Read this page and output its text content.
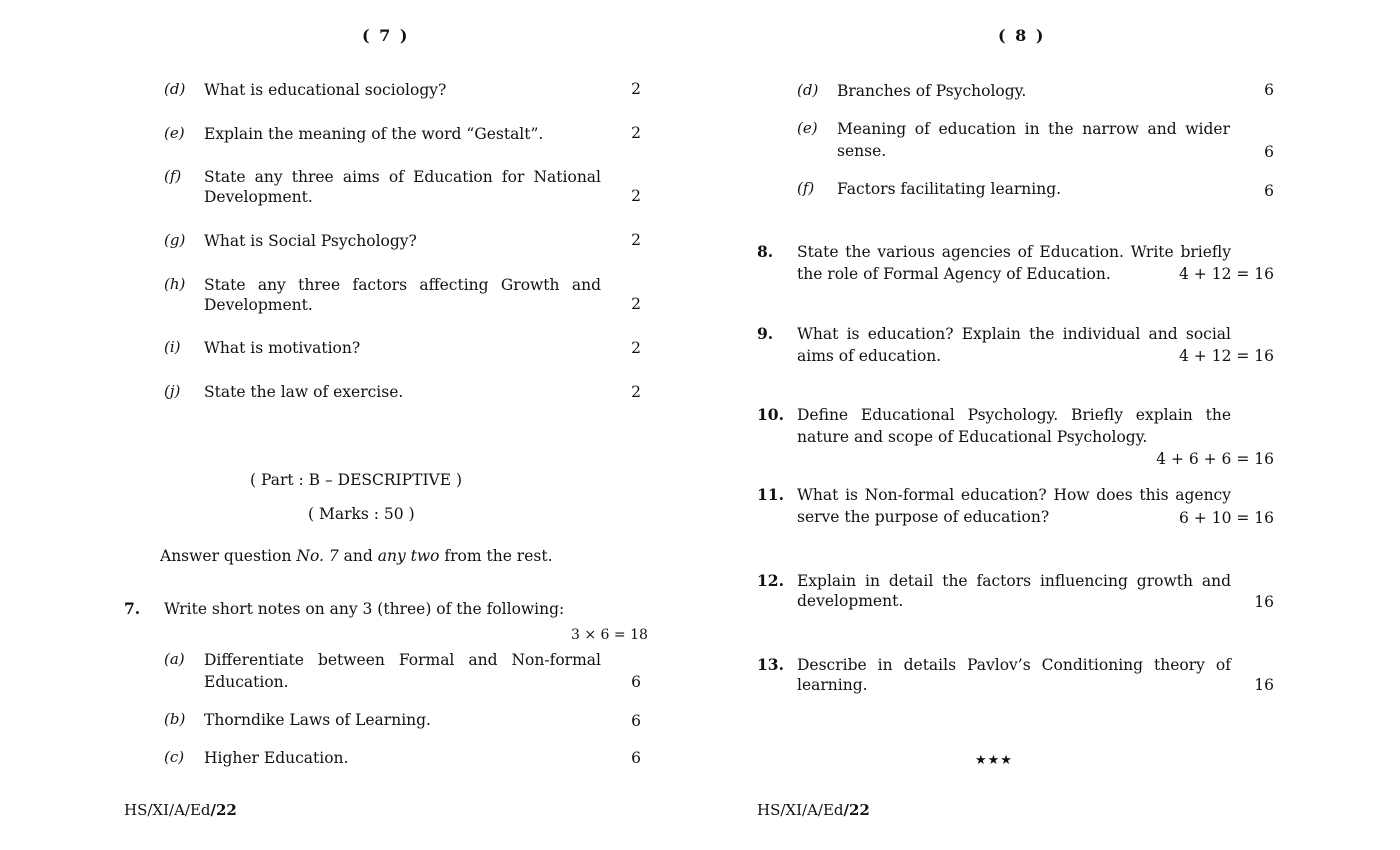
( 7 )
(d) What is educational sociology?	2
(e) Explain the meaning of the word “Gestalt”.	2
(f) State any three aims of Education for National
Development.	2
(g) What is Social Psychology?	2
(h) State any three factors affecting Growth and
Development.	2
(i) What is motivation?	2
(j) State the law of exercise.	2
( Part : B – DESCRIPTIVE )
( Marks : 50 )
Answer question No. 7 and any two from the rest.
7. Write short notes on any 3 (three) of the following:
3 × 6 = 18
(a) Differentiate between Formal and Non-formal
Education.	6
(b) Thorndike Laws of Learning.	6
(c) Higher Education.	6
HS/XI/A/Ed/22
( 8 )
(d) Branches of Psychology.	6
(e) Meaning of education in the narrow and wider
sense.	6
(f) Factors facilitating learning.	6
8. State the various agencies of Education. Write briefly
the role of Formal Agency of Education.	4 + 12 = 16
9. What is education? Explain the individual and social
aims of education.	4 + 12 = 16
10. Define Educational Psychology. Briefly explain the
nature and scope of Educational Psychology.
4 + 6 + 6 = 16
11. What is Non-formal education? How does this agency
serve the purpose of education?	6 + 10 = 16
12. Explain in detail the factors influencing growth and
development.	16
13. Describe in details Pavlov’s Conditioning theory of
learning.	16
★★★
HS/XI/A/Ed/22
